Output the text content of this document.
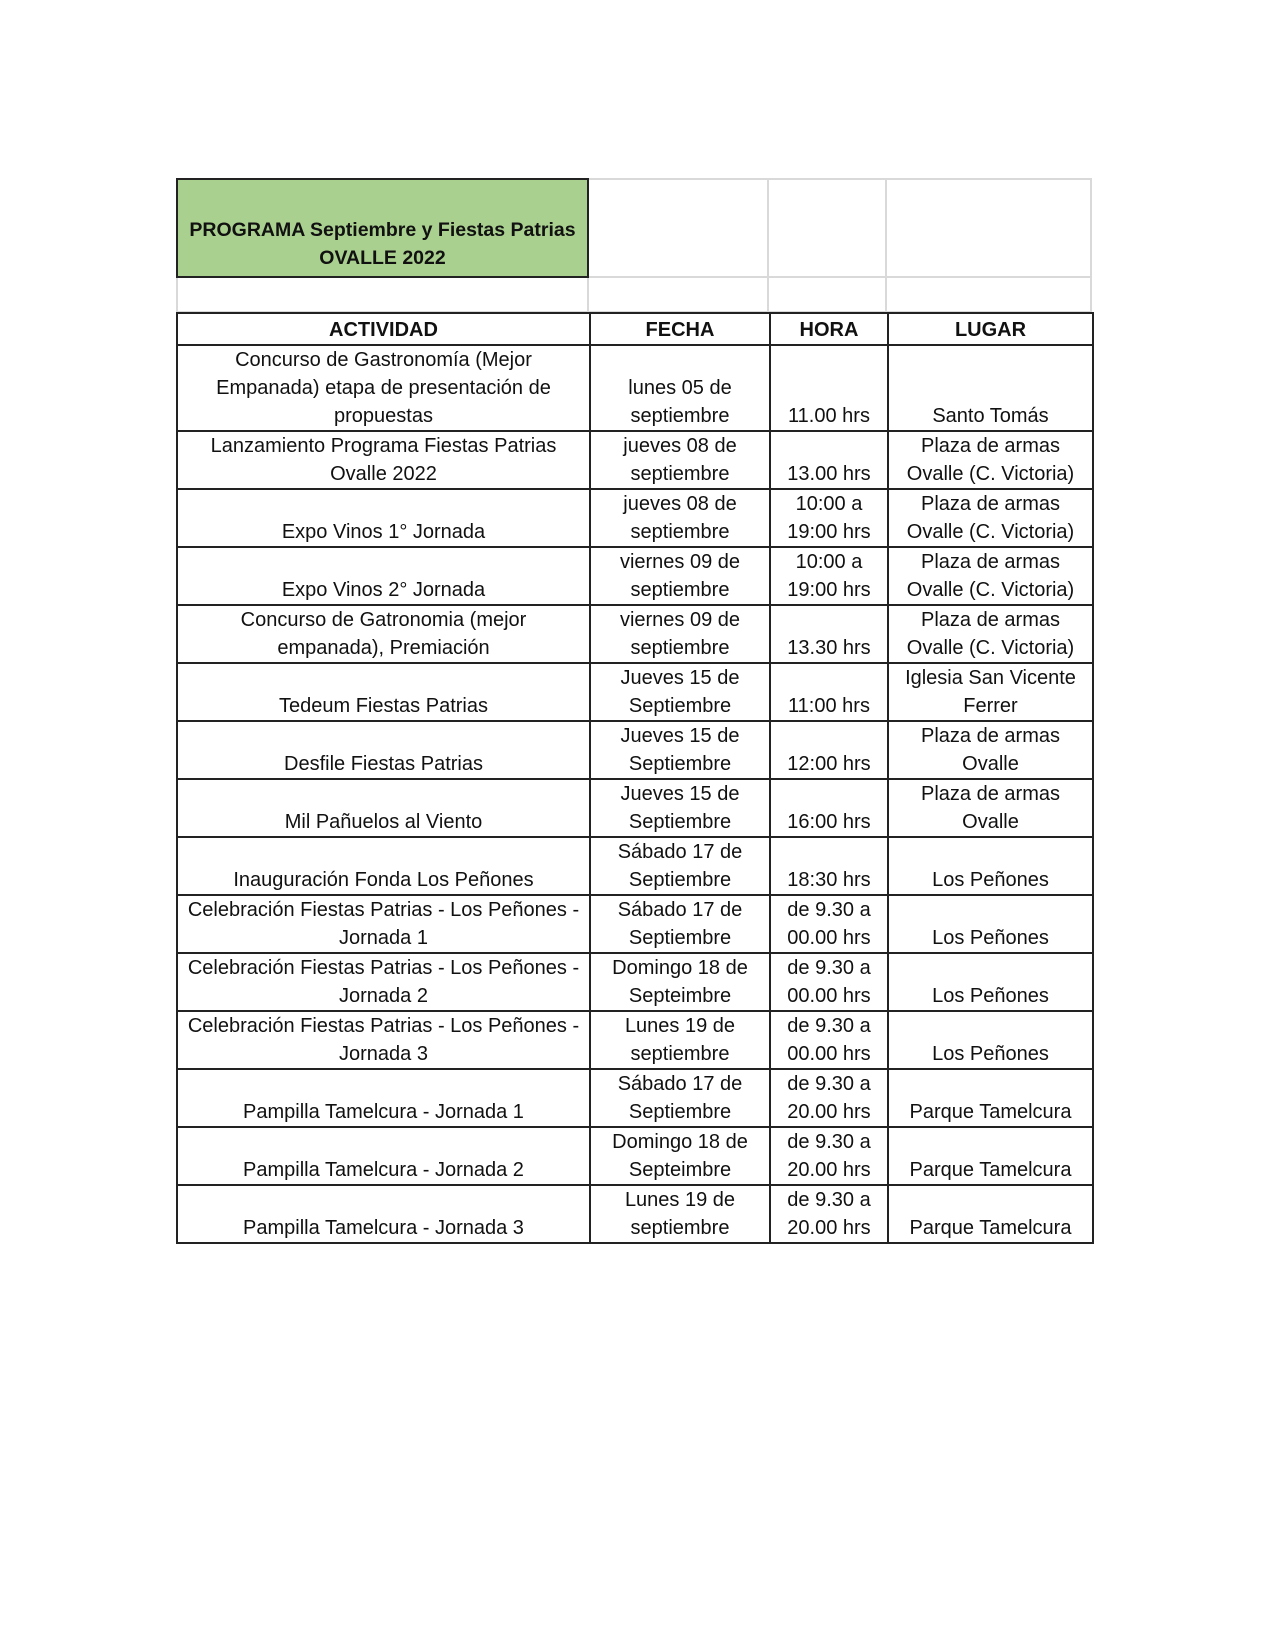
PROGRAMA Septiembre y Fiestas Patrias
OVALLE 2022
ACTIVIDAD	FECHA	HORA	LUGAR

Concurso de Gastronomía (Mejor
Empanada) etapa de presentación de
propuestas	lunes 05 de
septiembre	11.00 hrs	Santo Tomás

Lanzamiento Programa Fiestas Patrias
Ovalle 2022	jueves 08 de
septiembre	13.00 hrs	Plaza de armas
Ovalle (C. Victoria)

Expo Vinos 1° Jornada	jueves 08 de
septiembre	10:00 a
19:00 hrs	Plaza de armas
Ovalle (C. Victoria)

Expo Vinos 2° Jornada	viernes 09 de
septiembre	10:00 a
19:00 hrs	Plaza de armas
Ovalle (C. Victoria)

Concurso de Gatronomia (mejor
empanada), Premiación	viernes 09 de
septiembre	13.30 hrs	Plaza de armas
Ovalle (C. Victoria)

Tedeum Fiestas Patrias	Jueves 15 de
Septiembre	11:00 hrs	Iglesia San Vicente
Ferrer

Desfile Fiestas Patrias	Jueves 15 de
Septiembre	12:00 hrs	Plaza de armas
Ovalle

Mil Pañuelos al Viento	Jueves 15 de
Septiembre	16:00 hrs	Plaza de armas
Ovalle

Inauguración Fonda Los Peñones	Sábado 17 de
Septiembre	18:30 hrs	Los Peñones

Celebración Fiestas Patrias - Los Peñones -
Jornada 1	Sábado 17 de
Septiembre	de 9.30 a
00.00 hrs	Los Peñones

Celebración Fiestas Patrias - Los Peñones -
Jornada 2	Domingo 18 de
Septeimbre	de 9.30 a
00.00 hrs	Los Peñones

Celebración Fiestas Patrias - Los Peñones -
Jornada 3	Lunes 19 de
septiembre	de 9.30 a
00.00 hrs	Los Peñones

Pampilla Tamelcura - Jornada 1	Sábado 17 de
Septiembre	de 9.30 a
20.00 hrs	Parque Tamelcura

Pampilla Tamelcura - Jornada 2	Domingo 18 de
Septeimbre	de 9.30 a
20.00 hrs	Parque Tamelcura

Pampilla Tamelcura - Jornada 3	Lunes 19 de
septiembre	de 9.30 a
20.00 hrs	Parque Tamelcura
